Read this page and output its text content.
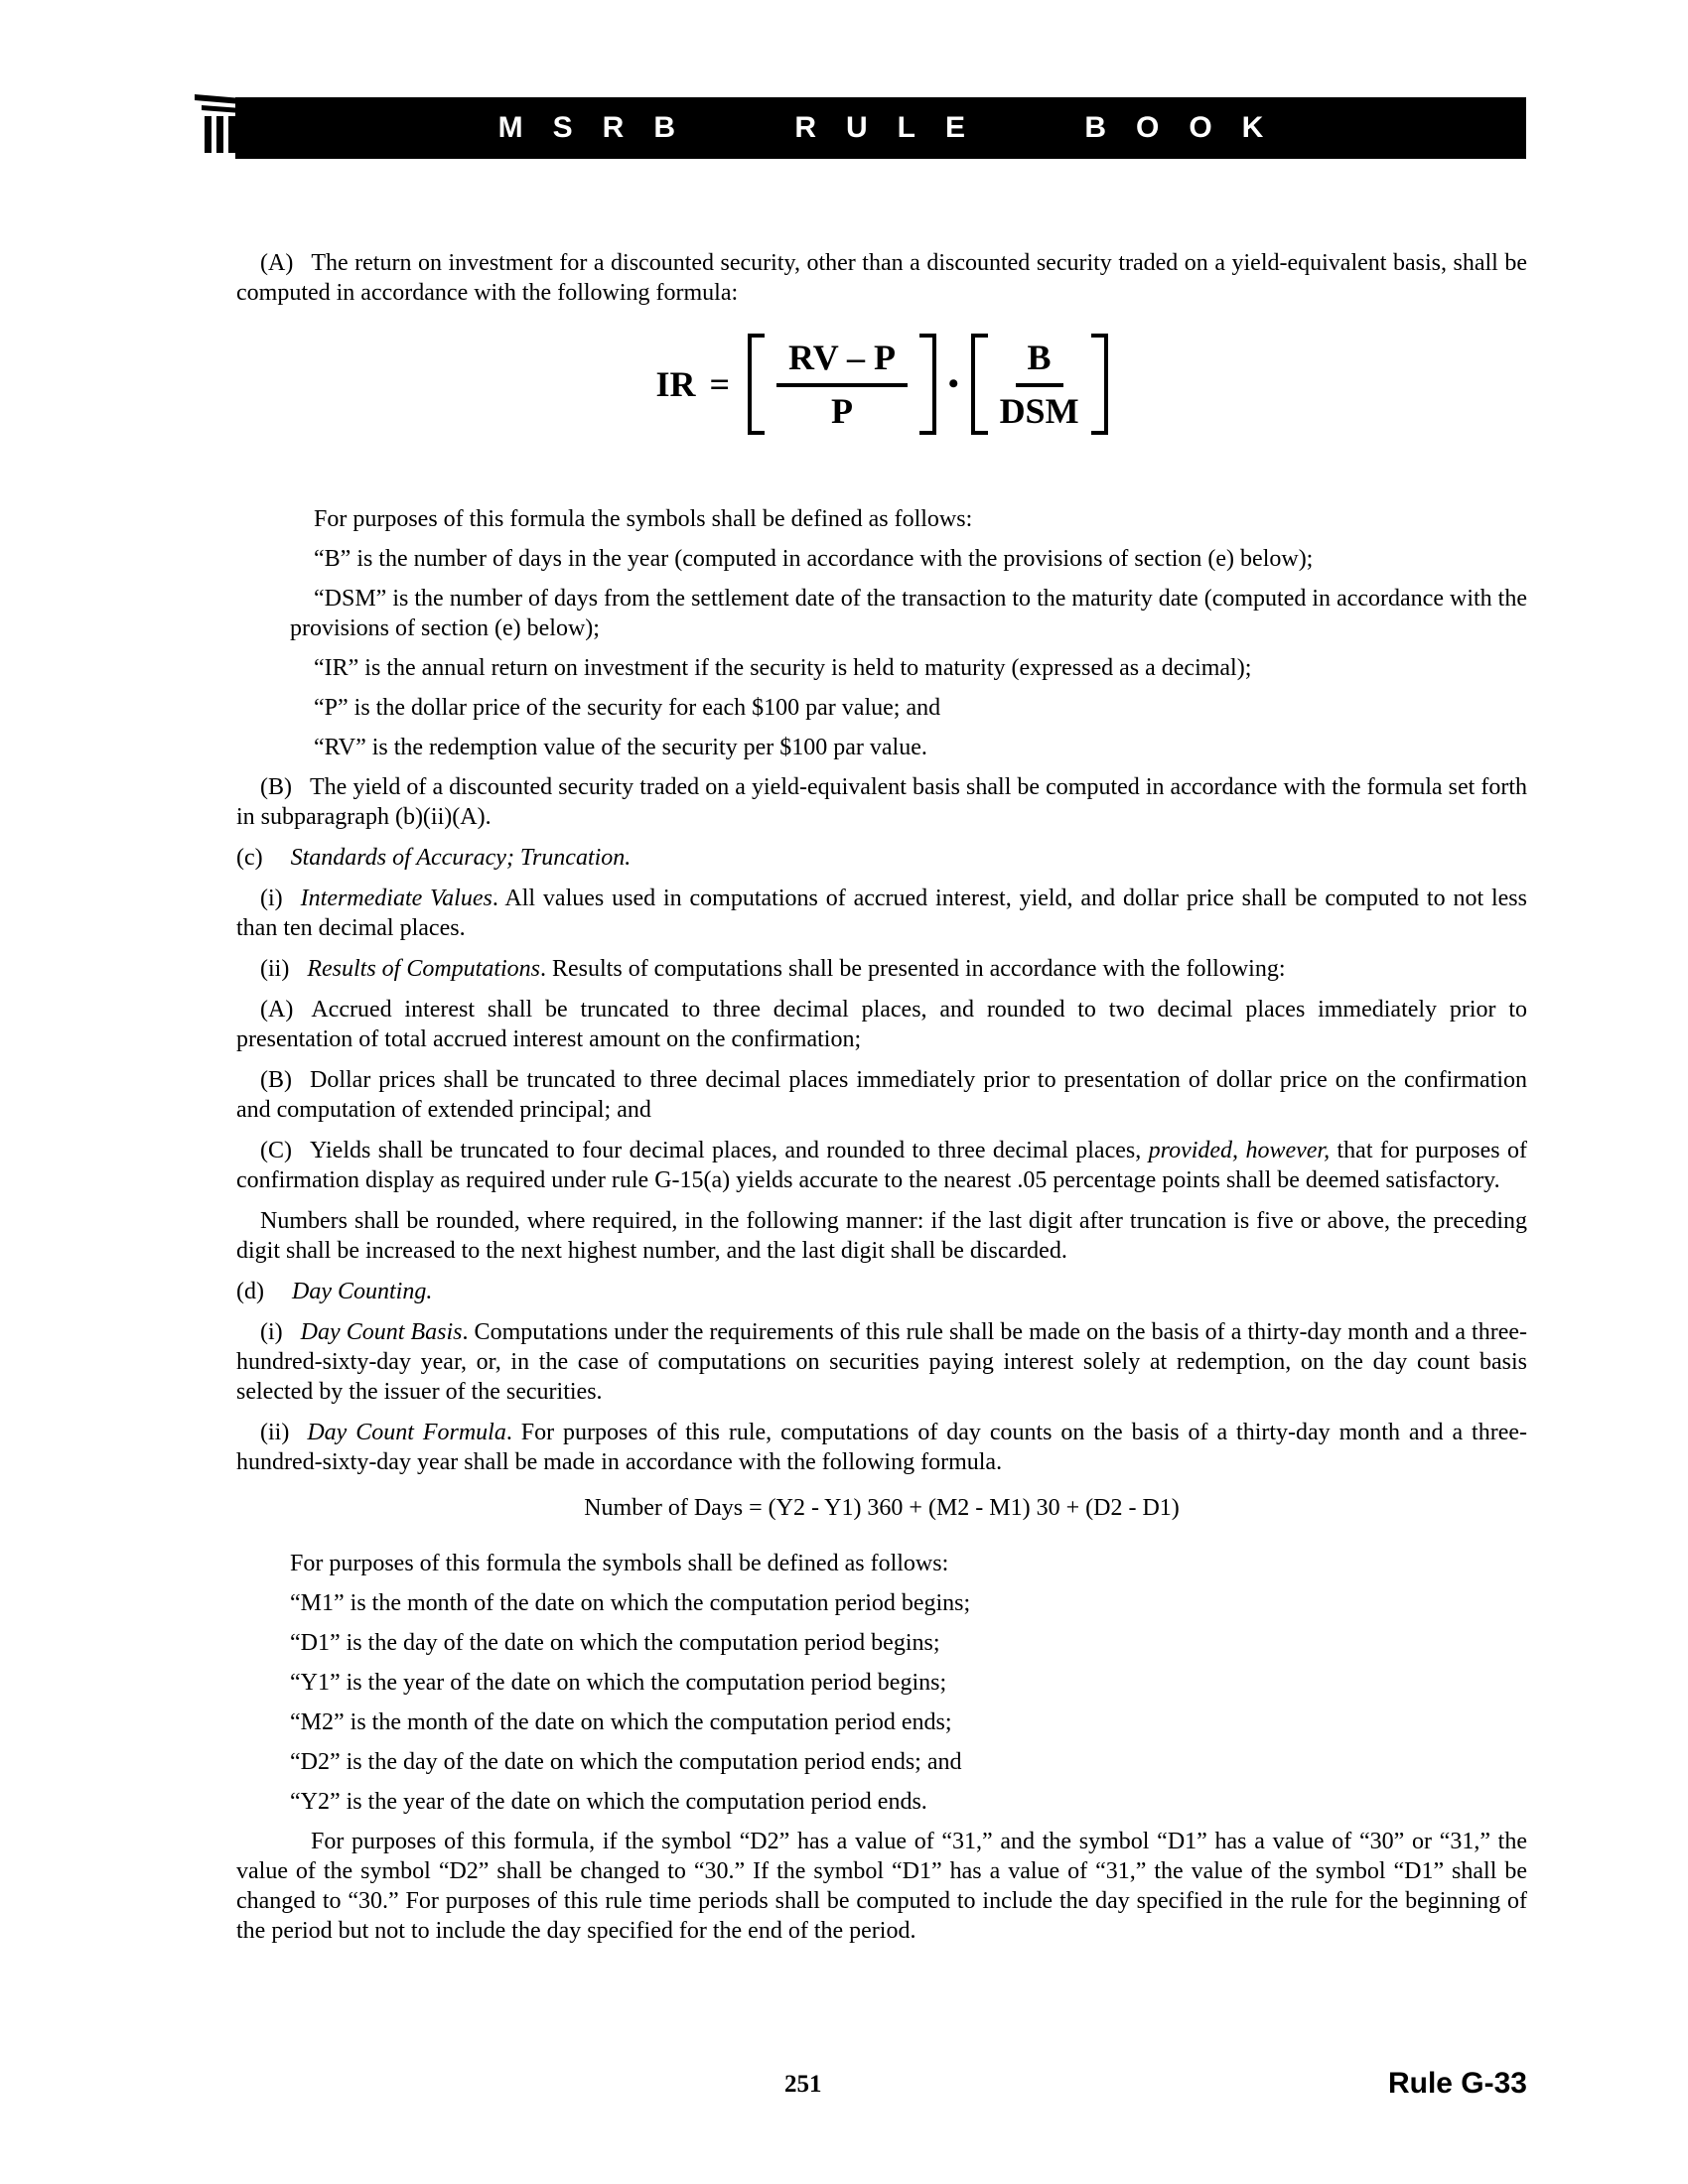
MSRB RULE BOOK

(A) The return on investment for a discounted security, other than a discounted security traded on a yield-equivalent basis, shall be computed in accordance with the following formula:

IR = $\frac{RV - P}{P}$ • $\frac{B}{\text{DSM}}$

For purposes of this formula the symbols shall be defined as follows:

“B” is the number of days in the year (computed in accordance with the provisions of section (e) below);

“DSM” is the number of days from the settlement date of the transaction to the maturity date (computed in accordance with the provisions of section (e) below);

“IR” is the annual return on investment if the security is held to maturity (expressed as a decimal);

“P” is the dollar price of the security for each $100 par value; and

“RV” is the redemption value of the security per $100 par value.

(B) The yield of a discounted security traded on a yield-equivalent basis shall be computed in accordance with the formula set forth in subparagraph (b)(ii)(A).

(c) Standards of Accuracy; Truncation.

(i) Intermediate Values. All values used in computations of accrued interest, yield, and dollar price shall be computed to not less than ten decimal places.

(ii) Results of Computations. Results of computations shall be presented in accordance with the following:

(A) Accrued interest shall be truncated to three decimal places, and rounded to two decimal places immediately prior to presentation of total accrued interest amount on the confirmation;

(B) Dollar prices shall be truncated to three decimal places immediately prior to presentation of dollar price on the confirmation and computation of extended principal; and

(C) Yields shall be truncated to four decimal places, and rounded to three decimal places, provided, however, that for purposes of confirmation display as required under rule G-15(a) yields accurate to the nearest .05 percentage points shall be deemed satisfactory.

Numbers shall be rounded, where required, in the following manner: if the last digit after truncation is five or above, the preceding digit shall be increased to the next highest number, and the last digit shall be discarded.

(d) Day Counting.

(i) Day Count Basis. Computations under the requirements of this rule shall be made on the basis of a thirty-day month and a three-hundred-sixty-day year, or, in the case of computations on securities paying interest solely at redemption, on the day count basis selected by the issuer of the securities.

(ii) Day Count Formula. For purposes of this rule, computations of day counts on the basis of a thirty-day month and a three-hundred-sixty-day year shall be made in accordance with the following formula.

Number of Days = (Y2 - Y1) 360 + (M2 - M1) 30 + (D2 - D1)

For purposes of this formula the symbols shall be defined as follows:

“M1” is the month of the date on which the computation period begins;

“D1” is the day of the date on which the computation period begins;

“Y1” is the year of the date on which the computation period begins;

“M2” is the month of the date on which the computation period ends;

“D2” is the day of the date on which the computation period ends; and

“Y2” is the year of the date on which the computation period ends.

For purposes of this formula, if the symbol “D2” has a value of “31,” and the symbol “D1” has a value of “30” or “31,” the value of the symbol “D2” shall be changed to “30.” If the symbol “D1” has a value of “31,” the value of the symbol “D1” shall be changed to “30.” For purposes of this rule time periods shall be computed to include the day specified in the rule for the beginning of the period but not to include the day specified for the end of the period.

251	Rule G-33
